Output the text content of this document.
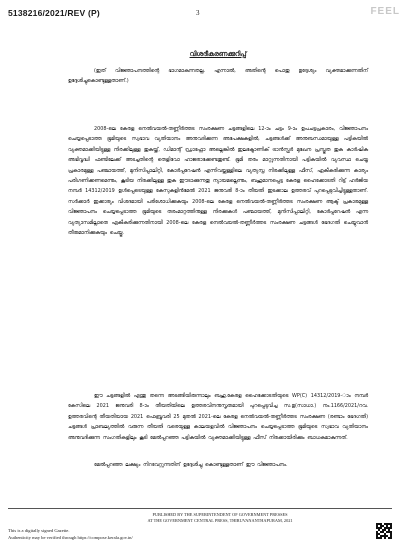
5138216/2021/REV (P)	3	FEEL
വിശദീകരണക്കുറിപ്പ്
(ഇത് വിജ്ഞാപനത്തിന്റെ ഭാഗമാകുന്നതല്ല. എന്നാൽ, അതിന്റെ പൊതു ഉദ്ദേശ്യം വ്യക്തമാക്കുന്നതിന് ഉദ്ദേശിച്ചുകൊണ്ടുള്ളതാണ്.)
2008-ലെ കേരള നെൽവയൽ-തണ്ണീർത്തട സംരക്ഷണ ചട്ടങ്ങളിലെ 12-ാം ചട്ടം 9-ാം ഉപചട്ടപ്രകാരം, വിജ്ഞാപനം ചെയ്യപ്പെടാത്ത ഭൂമിയുടെ സ്വഭാവ വ്യതിയാനം അനുവദിക്കുന്ന അപേക്ഷകളിൽ, ചട്ടങ്ങൾക്ക് അനുബന്ധമായുള്ള പട്ടികയിൽ വ്യക്തമാക്കിയിട്ടുള്ള നിരക്കിലുള്ള തുകയ്ക്ക്, ഡിമാന്റ് ഡ്രാഫ്റ്റോ അല്ലെങ്കിൽ ഇലക്ട്രോണിക് ട്രാൻസ്ഫർ മുഖേന പ്രസ്തുത തുക കാർഷിക അഭിവൃദ്ധി ഫണ്ടിലേക്ക് അടച്ചതിന്റെ തെളിവോ ഹാജരാക്കേണ്ടതുണ്ട്. ഭൂമി തരം മാറ്റുന്നതിനായി പട്ടികയിൽ വ്യവസ്ഥ ചെയ്ത പ്രകാരമുള്ള പഞ്ചായത്ത്, മുനിസിപ്പാലിറ്റി, കോർപ്പറേഷൻ എന്നിവയ്ക്കുള്ളിലെ വ്യത്യസ്ത നിരക്കിലുള്ള ഫീസ്, ഏകീകരിക്കുന്ന കാര്യം പരിഗണിക്കണമെന്നും, കൂടിയ നിരക്കിലുള്ള തുക ഈടാക്കുന്നതു ന്യായമല്ലെന്നും, ബഹുമാനപ്പെട്ട കേരള ഹൈക്കോടതി റിട്ട് ഹർജിയ നമ്പർ 14312/2019 ഉൾപ്പെടെയുള്ള കേസുകളിൻമേൽ 2021 ജനുവരി 8-ാം തീയതി ഇടക്കാല ഉത്തരവ് പുറപ്പെടുവിച്ചിട്ടുള്ളതാണ്. സർക്കാർ ഇക്കാര്യം വിശദമായി പരിശോധിക്കുകയും 2008-ലെ കേരള നെൽവയൽ-തണ്ണീർത്തട സംരക്ഷണ ആക്ട് പ്രകാരമുള്ള വിജ്ഞാപനം ചെയ്യപ്പെടാത്ത ഭൂമിയുടെ തരംമാറ്റത്തിനുള്ള നിരക്കുകൾ പഞ്ചായത്ത്, മുനിസിപ്പാലിറ്റി, കോർപ്പറേഷൻ എന്ന വ്യത്യാസമില്ലാതെ ഏകീകരിക്കുന്നതിനായി 2008-ലെ കേരള നെൽവയൽ-തണ്ണീർത്തട സംരക്ഷണ ചട്ടങ്ങൾ ഭേദഗതി ചെയ്യുവാൻ തീരുമാനിക്കുകയും ചെയ്തു.
ഈ ചട്ടങ്ങളിൽ എന്തു തന്നെ അടങ്ങിയിരുന്നാലും ബഹു.കേരള ഹൈക്കോടതിയുടെ WP(C) 14312/2019-ാം നമ്പർ കേസിലെ 2021 ജനുവരി 8-ാം തീയതിയിലെ ഉത്തരവിനനുസൃതമായി പുറപ്പെടുവിച്ച സ.ഉ(സാധാ.) നം.1166/2021/റവ. ഉത്തരവിന്റെ തീയതിയായ 2021 ഫെബ്രുവരി 25 മുതൽ 2021-ലെ കേരള നെൽവയൽ-തണ്ണീർത്തട സംരക്ഷണ (രണ്ടാം ഭേദഗതി) ചട്ടങ്ങൾ പ്രാബല്യത്തിൽ വരുന്ന തീയതി വരെയുള്ള കാലയളവിൽ വിജ്ഞാപനം ചെയ്യപ്പെടാത്ത ഭൂമിയുടെ സ്വഭാവ വ്യതിയാനം അനുവദിക്കുന്ന സംഗതികളിലും കൂടി മേൽപ്പറഞ്ഞ പട്ടികയിൽ വ്യക്തമാക്കിയിട്ടുള്ള ഫീസ് നിരക്കായിരിക്കും ബാധകമാകുന്നത്.
മേൽപ്പറഞ്ഞ ലക്ഷ്യം നിറവേറ്റുന്നതിന് ഉദ്ദേശിച്ചു കൊണ്ടുള്ളതാണ് ഈ വിജ്ഞാപനം.
PUBLISHED BY THE SUPERINTENDENT OF GOVERNMENT PRESSES
AT THE GOVERNMENT CENTRAL PRESS, THIRUVANANTHAPURAM, 2021
This is a digitally signed Gazette.
Authenticity may be verified through https://compose.kerala.gov.in/
